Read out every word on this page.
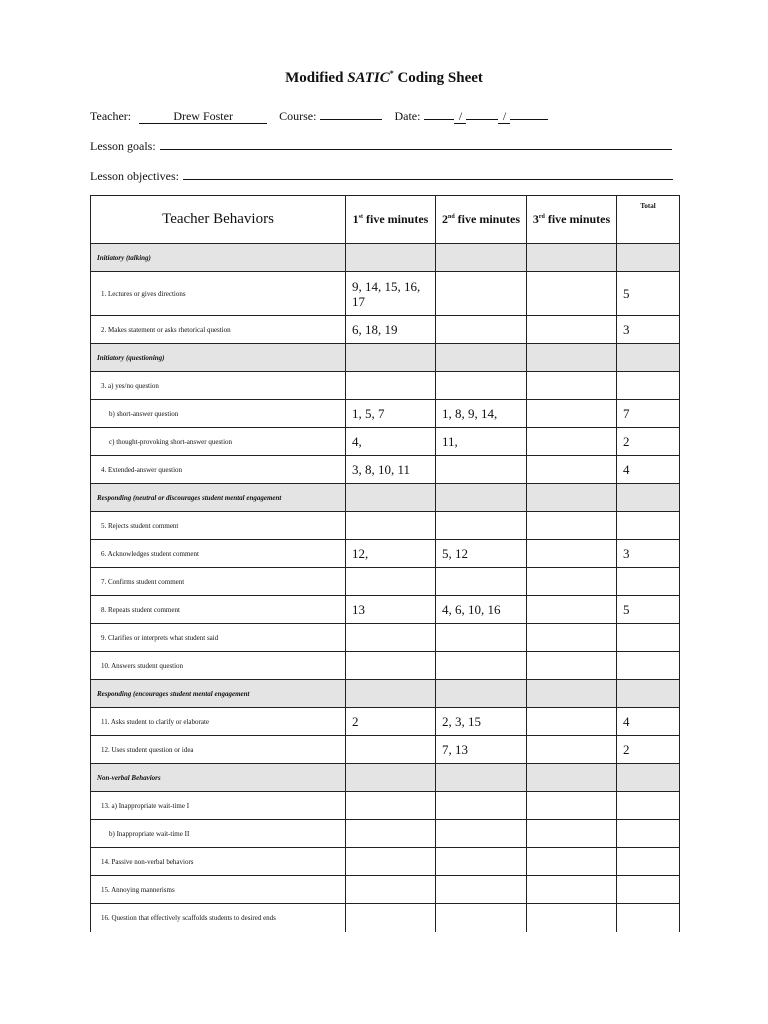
Modified SATIC* Coding Sheet
Teacher:	Drew Foster	Course:	Date:	/	/
Lesson goals:
Lesson objectives:
Teacher Behaviors	1st five minutes	2nd five minutes	3rd five minutes	Total
Initiatory (talking)				
1. Lectures or gives directions	9, 14, 15, 16, 17			5
2. Makes statement or asks rhetorical question	6, 18, 19			3
Initiatory (questioning)				
3. a) yes/no question				
b) short-answer question	1, 5, 7	1, 8, 9, 14,		7
c) thought-provoking short-answer question	4,	11,		2
4. Extended-answer question	3, 8, 10, 11			4
Responding (neutral or discourages student mental engagement				
5. Rejects student comment				
6. Acknowledges student comment	12,	5, 12		3
7. Confirms student comment				
8. Repeats student comment	13	4, 6, 10, 16		5
9. Clarifies or interprets what student said				
10. Answers student question				
Responding (encourages student mental engagement				
11. Asks student to clarify or elaborate	2	2, 3, 15		4
12. Uses student question or idea		7, 13		2
Non-verbal Behaviors				
13. a) Inappropriate wait-time I				
b) Inappropriate wait-time II				
14. Passive non-verbal behaviors				
15. Annoying mannerisms				
16. Question that effectively scaffolds students to desired ends				
